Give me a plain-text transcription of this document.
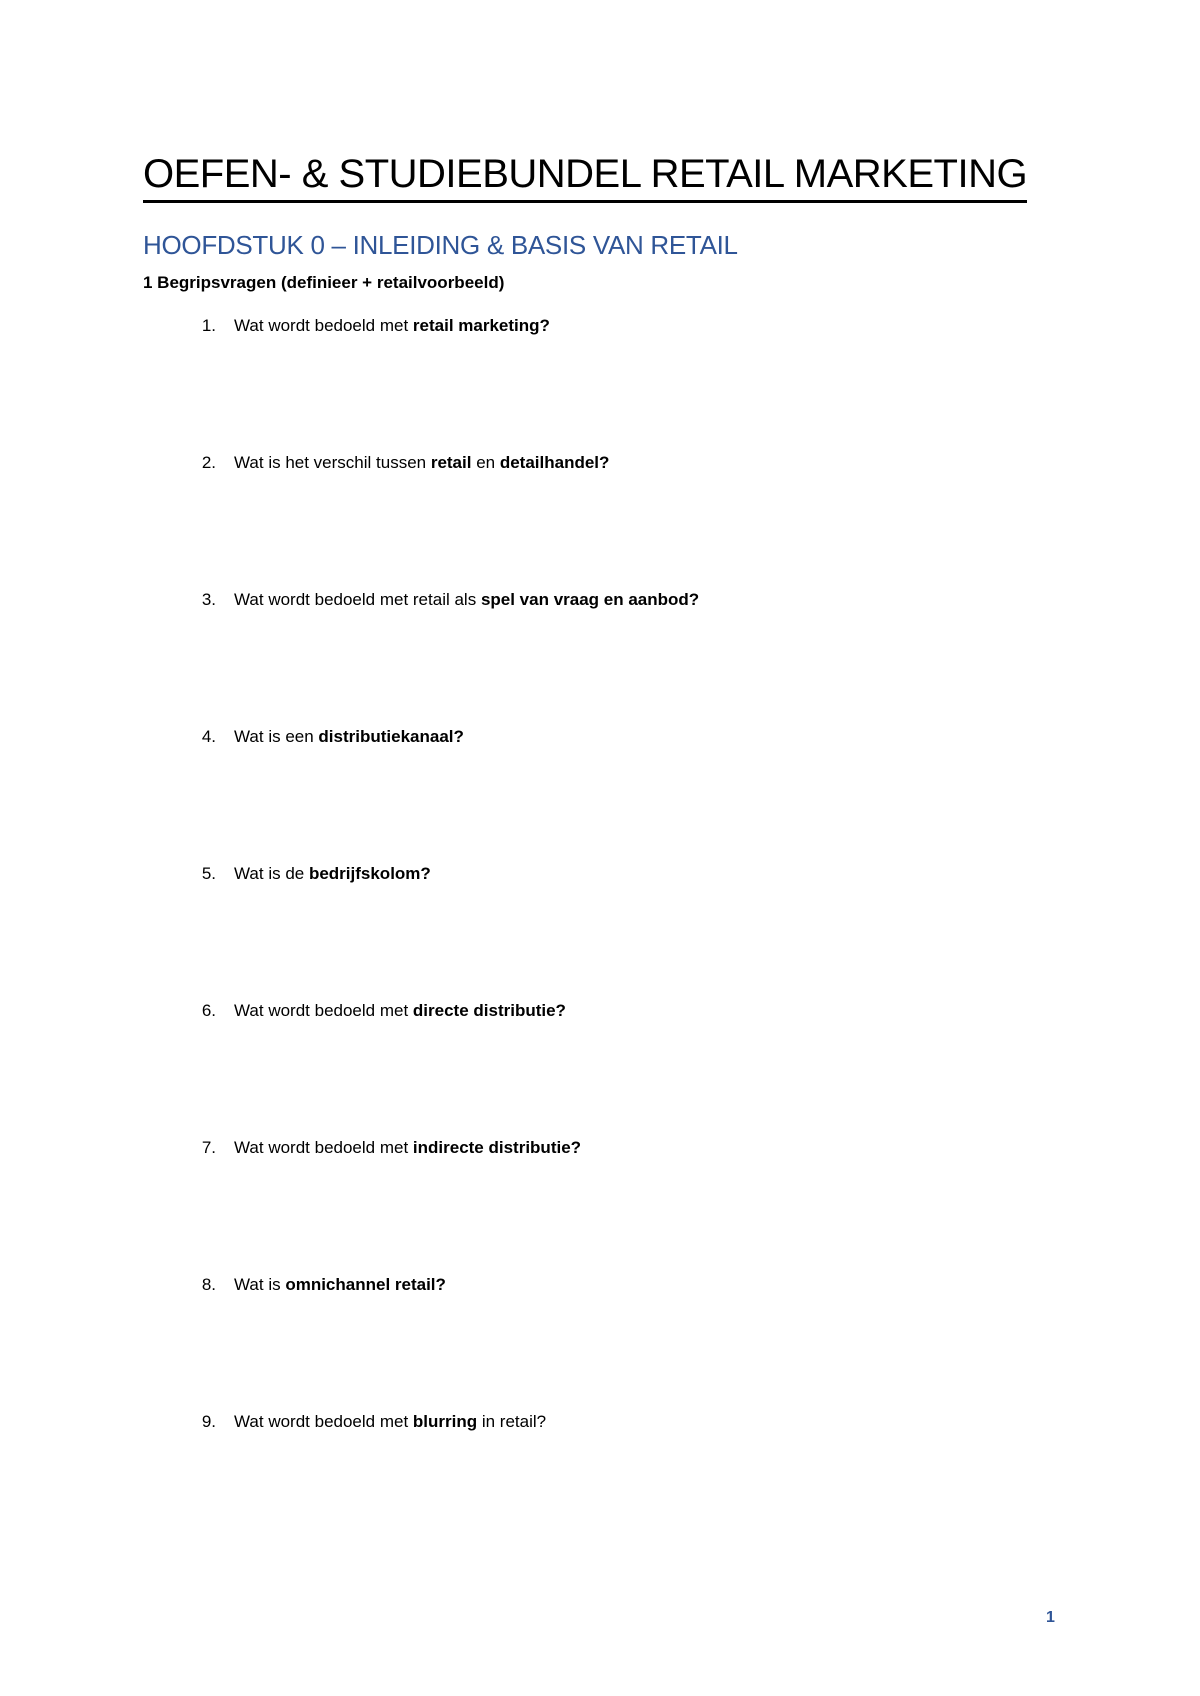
OEFEN- & STUDIEBUNDEL RETAIL MARKETING
HOOFDSTUK 0 – INLEIDING & BASIS VAN RETAIL
1 Begripsvragen (definieer + retailvoorbeeld)
1.	Wat wordt bedoeld met retail marketing?
2.	Wat is het verschil tussen retail en detailhandel?
3.	Wat wordt bedoeld met retail als spel van vraag en aanbod?
4.	Wat is een distributiekanaal?
5.	Wat is de bedrijfskolom?
6.	Wat wordt bedoeld met directe distributie?
7.	Wat wordt bedoeld met indirecte distributie?
8.	Wat is omnichannel retail?
9.	Wat wordt bedoeld met blurring in retail?
1
